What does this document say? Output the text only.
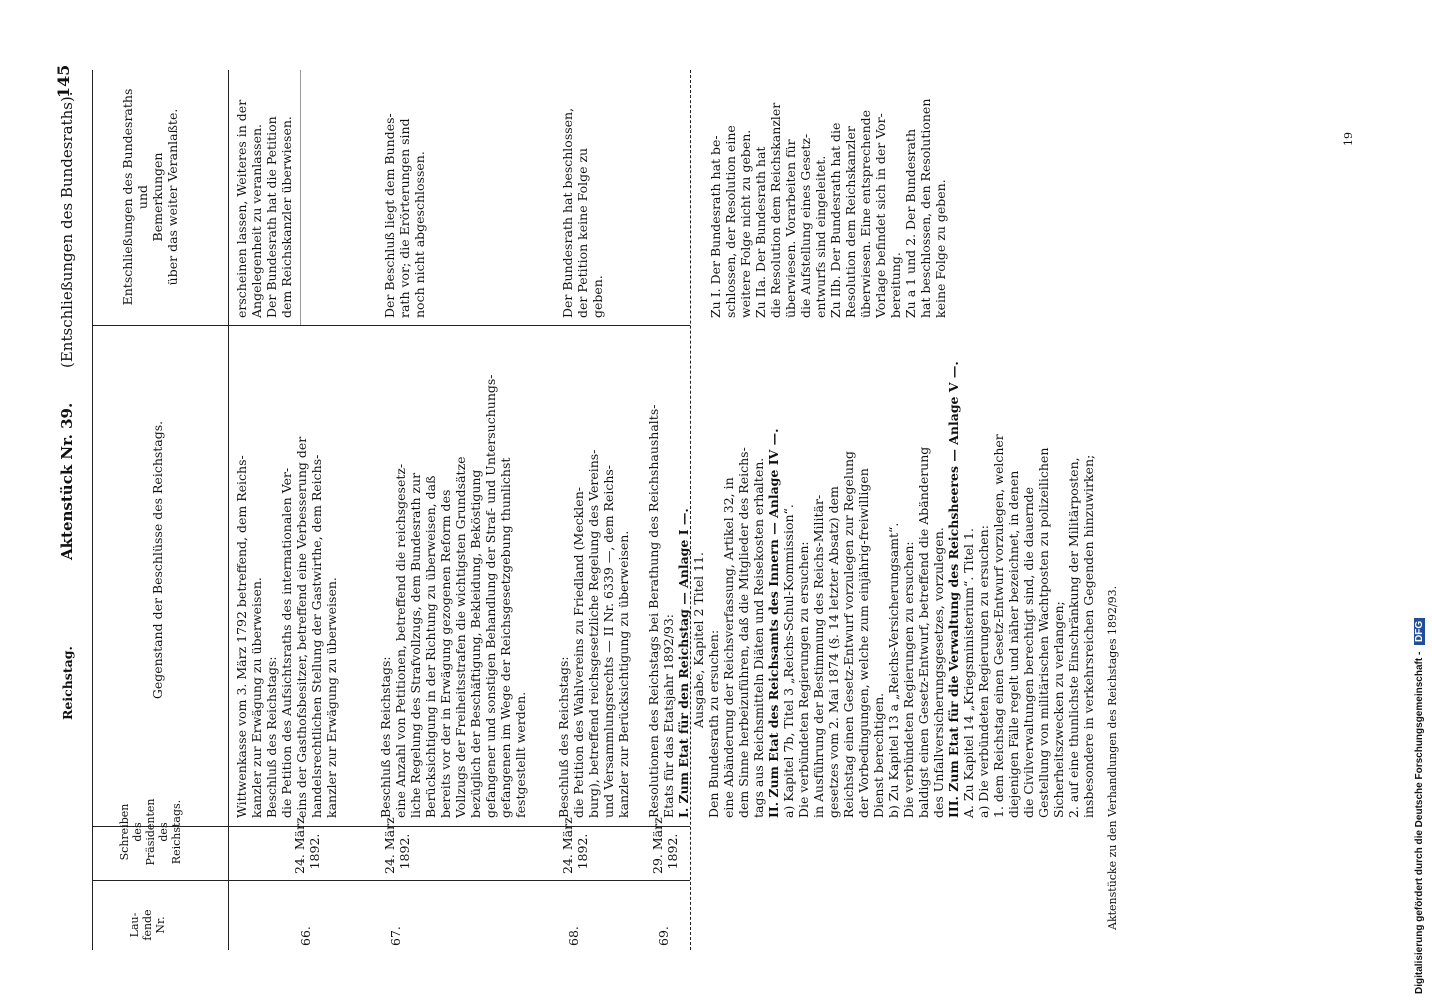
Reichstag.
Aktenstück Nr. 39.
(Entschließungen des Bundesraths).
145
Lau- fende Nr.
Schreiben des Präsidenten des Reichstags.
Gegenstand der Beschlüsse des Reichstags.
Entschließungen des Bundesraths und Bemerkungen über das weiter Veranlaßte.
66.
24. März 1892.
Wittwenkasse vom 3. März 1792 betreffend, dem Reichs- kanzler zur Erwägung zu überweisen. Beschluß des Reichstags: die Petition des Aufsichtsraths des internationalen Ver- eins der Gasthofsbesitzer, betreffend eine Verbesserung der handelsrechtlichen Stellung der Gastwirthe, dem Reichs- kanzler zur Erwägung zu überweisen.
erscheinen lassen, Weiteres in der Angelegenheit zu veranlassen. Der Bundesrath hat die Petition dem Reichskanzler überwiesen.
67.
24. März 1892.
Beschluß des Reichstags: eine Anzahl von Petitionen, betreffend die reichsgesetz- liche Regelung des Strafvollzugs, dem Bundesrath zur Berücksichtigung in der Richtung zu überweisen, daß bereits vor der in Erwägung gezogenen Reform des Vollzugs der Freiheitsstrafen die wichtigsten Grundsätze bezüglich der Beschäftigung, Bekleidung, Beköstigung gefangener und sonstigen Behandlung der Straf- und Untersuchungs- gefangenen im Wege der Reichsgesetzgebung thunlichst festgestellt werden.
Der Beschluß liegt dem Bundes- rath vor; die Erörterungen sind noch nicht abgeschlossen.
68.
24. März 1892.
Beschluß des Reichstags: die Petition des Wahlvereins zu Friedland (Mecklen- burg), betreffend reichsgesetzliche Regelung des Vereins- und Versammlungsrechts — II Nr. 6339 —, dem Reichs- kanzler zur Berücksichtigung zu überweisen.
Der Bundesrath hat beschlossen, der Petition keine Folge zu geben.
69.
29. März 1892.
Resolutionen des Reichstags bei Berathung des Reichshaushalts- Etats für das Etatsjahr 1892/93: I. Zum Etat für den Reichstag — Anlage I —. Ausgabe, Kapitel 2 Titel 11. Den Bundesrath zu ersuchen: eine Abänderung der Reichsverfassung, Artikel 32, in dem Sinne herbeizuführen, daß die Mitglieder des Reichs- tags aus Reichsmitteln Diäten und Reisekosten erhalten. II. Zum Etat des Reichsamts des Innern — Anlage IV —. a) Kapitel 7b, Titel 3 „Reichs-Schul-Kommission“. Die verbündeten Regierungen zu ersuchen: in Ausführung der Bestimmung des Reichs-Militär- gesetzes vom 2. Mai 1874 (§. 14 letzter Absatz) dem Reichstag einen Gesetz-Entwurf vorzulegen zur Regelung der Vorbedingungen, welche zum einjährig-freiwilligen Dienst berechtigen. b) Zu Kapitel 13 a „Reichs-Versicherungsamt“. Die verbündeten Regierungen zu ersuchen: baldigst einen Gesetz-Entwurf, betreffend die Abänderung des Unfallversicherungsgesetzes, vorzulegen. III. Zum Etat für die Verwaltung des Reichsheeres — Anlage V —. A. Zu Kapitel 14 „Kriegsministerium“. Titel 1. a) Die verbündeten Regierungen zu ersuchen: 1. dem Reichstag einen Gesetz-Entwurf vorzulegen, welcher diejenigen Fälle regelt und näher bezeichnet, in denen die Civilverwaltungen berechtigt sind, die dauernde Gestellung von militärischen Wachtposten zu polizeilichen Sicherheitszwecken zu verlangen; 2. auf eine thunlichste Einschränkung der Militärposten, insbesondere in verkehrsreichen Gegenden hinzuwirken;
Zu I. Der Bundesrath hat be- schlossen, der Resolution eine weitere Folge nicht zu geben. Zu IIa. Der Bundesrath hat die Resolution dem Reichskanzler überwiesen. Vorarbeiten für die Aufstellung eines Gesetz- entwurfs sind eingeleitet. Zu IIb. Der Bundesrath hat die Resolution dem Reichskanzler überwiesen. Eine entsprechende Vorlage befindet sich in der Vor- bereitung. Zu a 1 und 2. Der Bundesrath hat beschlossen, den Resolutionen keine Folge zu geben.
Aktenstücke zu den Verhandlungen des Reichstages 1892/93.
19
Digitalisierung gefördert durch die Deutsche Forschungsgemeinschaft - DFG
